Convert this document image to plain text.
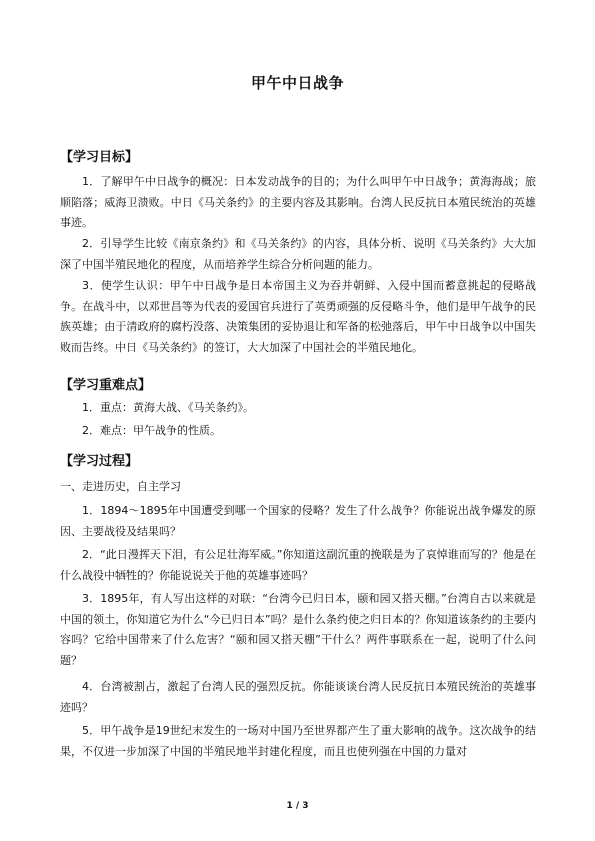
甲午中日战争
【学习目标】
1．了解甲午中日战争的概况：日本发动战争的目的；为什么叫甲午中日战争；黄海海战；旅顺陷落；威海卫溃败。中日《马关条约》的主要内容及其影响。台湾人民反抗日本殖民统治的英雄事迹。
2．引导学生比较《南京条约》和《马关条约》的内容，具体分析、说明《马关条约》大大加深了中国半殖民地化的程度，从而培养学生综合分析问题的能力。
3．使学生认识：甲午中日战争是日本帝国主义为吞并朝鲜、入侵中国而蓄意挑起的侵略战争。在战斗中，以邓世昌等为代表的爱国官兵进行了英勇顽强的反侵略斗争，他们是甲午战争的民族英雄；由于清政府的腐朽没落、决策集团的妥协退让和军备的松弛落后，甲午中日战争以中国失败而告终。中日《马关条约》的签订，大大加深了中国社会的半殖民地化。
【学习重难点】
1．重点：黄海大战、《马关条约》。
2．难点：甲午战争的性质。
【学习过程】
一、走进历史，自主学习
1．1894～1895年中国遭受到哪一个国家的侵略？发生了什么战争？你能说出战争爆发的原因、主要战役及结果吗？
2．“此日漫挥天下泪，有公足壮海军威。”你知道这副沉重的挽联是为了哀悼谁而写的？他是在什么战役中牺牲的？你能说说关于他的英雄事迹吗？
3．1895年，有人写出这样的对联：“台湾今已归日本，颐和园又搭天棚。”台湾自古以来就是中国的领土，你知道它为什么“今已归日本”吗？是什么条约使之归日本的？你知道该条约的主要内容吗？它给中国带来了什么危害？“颐和园又搭天棚”干什么？两件事联系在一起，说明了什么问题？
4．台湾被割占，激起了台湾人民的强烈反抗。你能谈谈台湾人民反抗日本殖民统治的英雄事迹吗？
5．甲午战争是19世纪末发生的一场对中国乃至世界都产生了重大影响的战争。这次战争的结果，不仅进一步加深了中国的半殖民地半封建化程度，而且也使列强在中国的力量对
1 / 3
